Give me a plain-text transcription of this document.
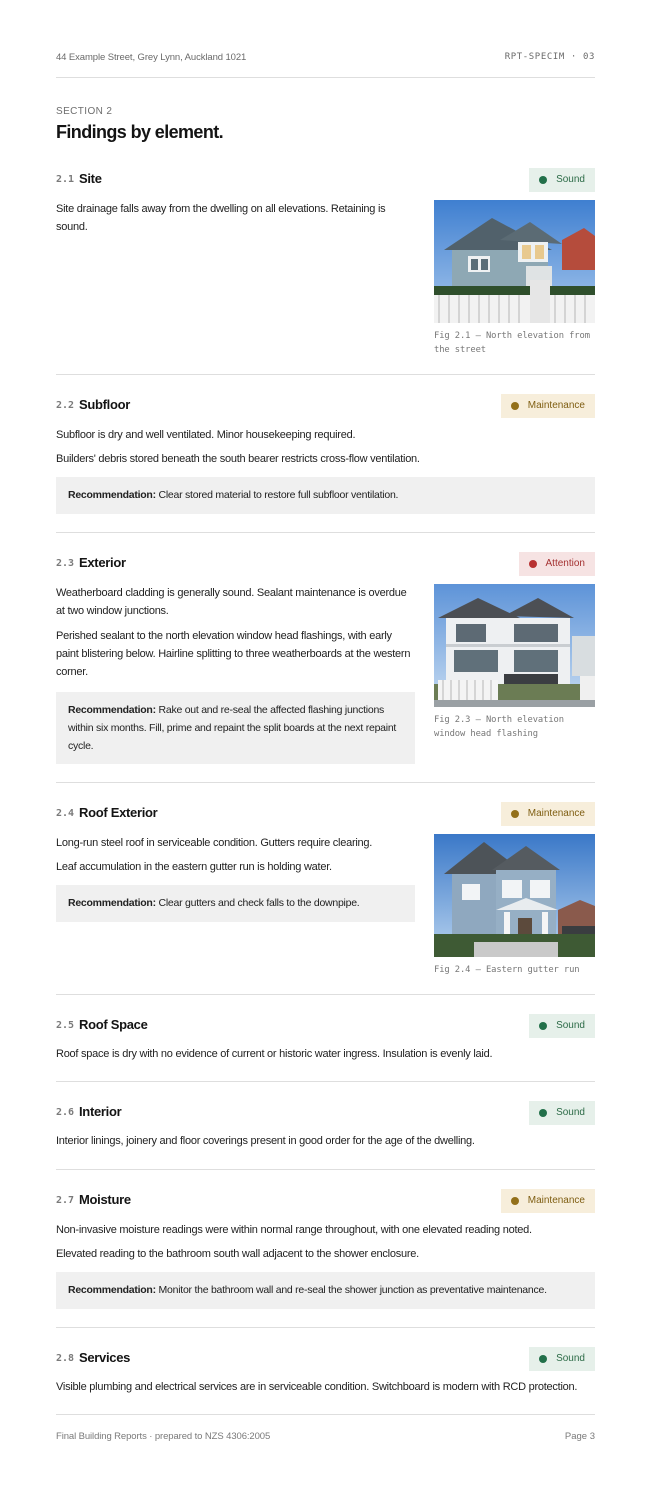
44 Example Street, Grey Lynn, Auckland 1021	RPT-SPECIM · 03
SECTION 2
Findings by element.
2.1 Site	Sound
Site drainage falls away from the dwelling on all elevations. Retaining is sound.
Fig 2.1 — North elevation from the street
2.2 Subfloor	Maintenance
Subfloor is dry and well ventilated. Minor housekeeping required.
Builders' debris stored beneath the south bearer restricts cross-flow ventilation.
Recommendation: Clear stored material to restore full subfloor ventilation.
2.3 Exterior	Attention
Weatherboard cladding is generally sound. Sealant maintenance is overdue at two window junctions.
Perished sealant to the north elevation window head flashings, with early paint blistering below. Hairline splitting to three weatherboards at the western corner.
Recommendation: Rake out and re-seal the affected flashing junctions within six months. Fill, prime and repaint the split boards at the next repaint cycle.
Fig 2.3 — North elevation window head flashing
2.4 Roof Exterior	Maintenance
Long-run steel roof in serviceable condition. Gutters require clearing.
Leaf accumulation in the eastern gutter run is holding water.
Recommendation: Clear gutters and check falls to the downpipe.
Fig 2.4 — Eastern gutter run
2.5 Roof Space	Sound
Roof space is dry with no evidence of current or historic water ingress. Insulation is evenly laid.
2.6 Interior	Sound
Interior linings, joinery and floor coverings present in good order for the age of the dwelling.
2.7 Moisture	Maintenance
Non-invasive moisture readings were within normal range throughout, with one elevated reading noted.
Elevated reading to the bathroom south wall adjacent to the shower enclosure.
Recommendation: Monitor the bathroom wall and re-seal the shower junction as preventative maintenance.
2.8 Services	Sound
Visible plumbing and electrical services are in serviceable condition. Switchboard is modern with RCD protection.
Final Building Reports · prepared to NZS 4306:2005	Page 3
